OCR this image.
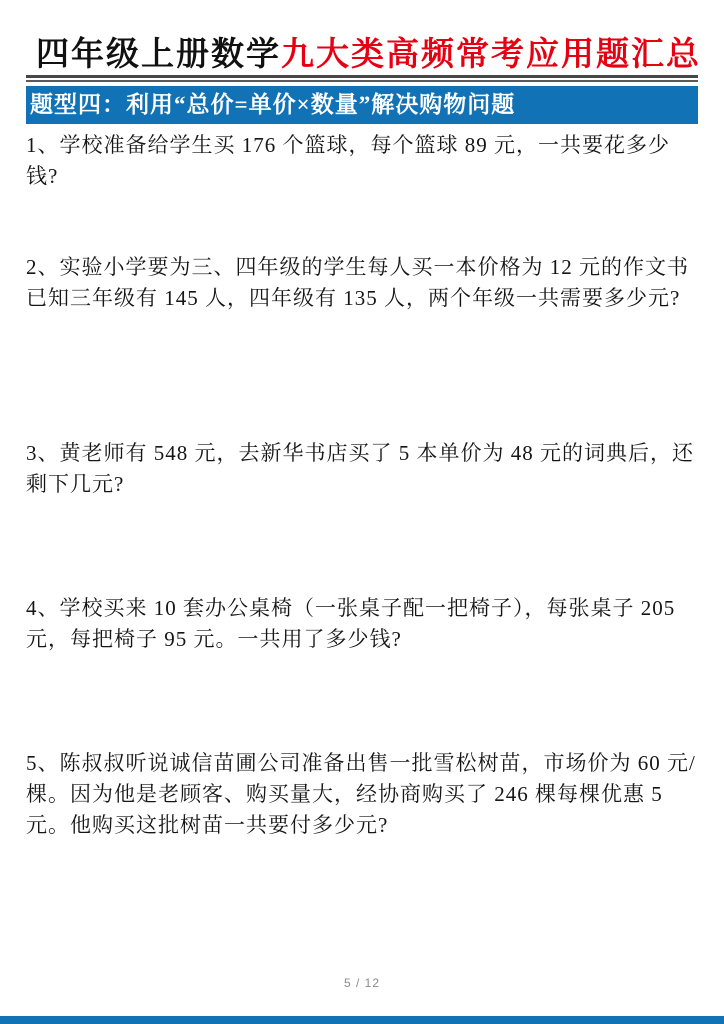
四年级上册数学九大类高频常考应用题汇总
题型四：利用“总价=单价×数量”解决购物问题

1、学校准备给学生买 176 个篮球，每个篮球 89 元，一共要花多少钱?

2、实验小学要为三、四年级的学生每人买一本价格为 12 元的作文书已知三年级有 145 人，四年级有 135 人，两个年级一共需要多少元?

3、黄老师有 548 元，去新华书店买了 5 本单价为 48 元的词典后，还剩下几元?

4、学校买来 10 套办公桌椅（一张桌子配一把椅子），每张桌子 205 元，每把椅子 95 元。一共用了多少钱?

5、陈叔叔听说诚信苗圃公司准备出售一批雪松树苗，市场价为 60 元/棵。因为他是老顾客、购买量大，经协商购买了 246 棵每棵优惠 5 元。他购买这批树苗一共要付多少元?

5 / 12
